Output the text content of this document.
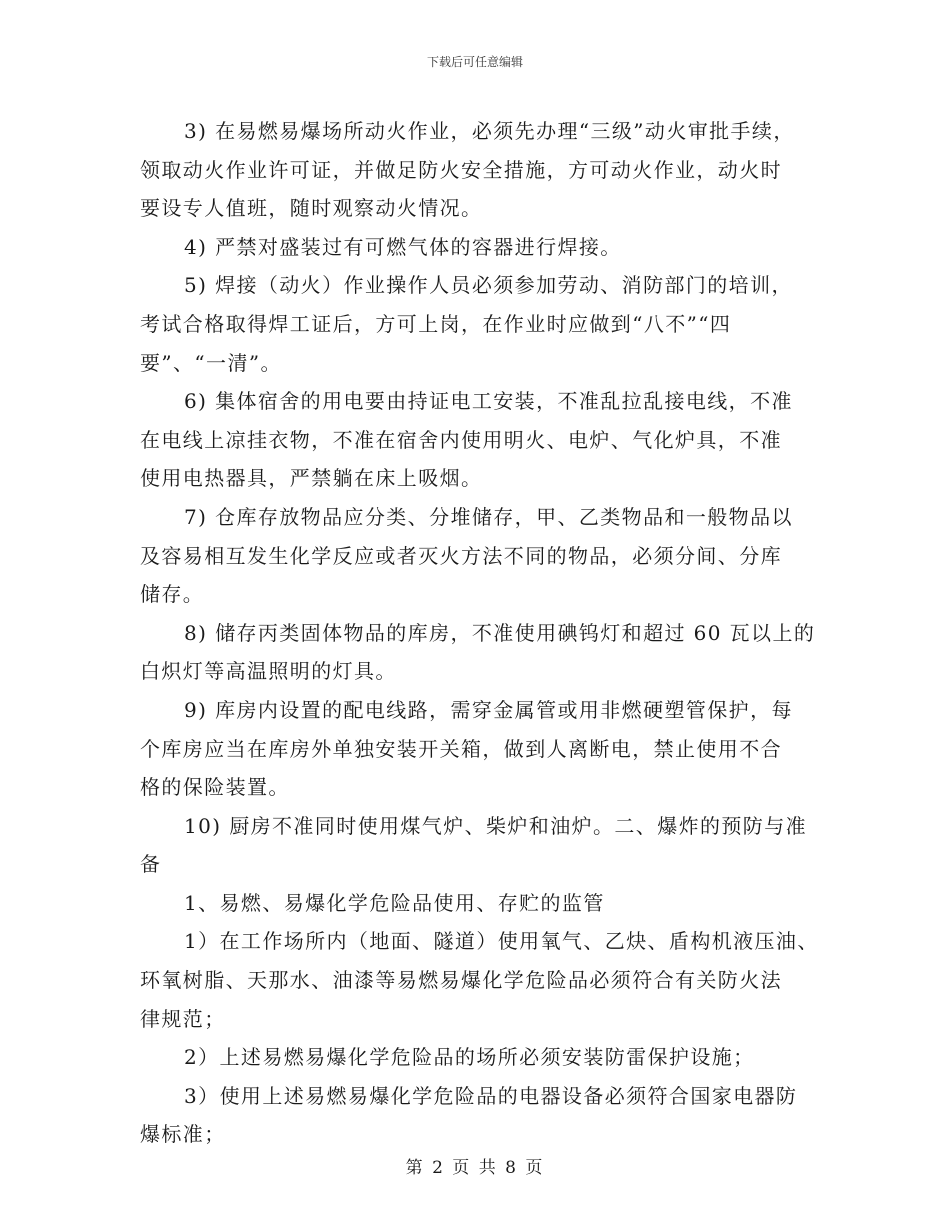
下载后可任意编辑

3) 在易燃易爆场所动火作业，必须先办理“三级”动火审批手续，

领取动火作业许可证，并做足防火安全措施，方可动火作业，动火时

要设专人值班，随时观察动火情况。

4) 严禁对盛装过有可燃气体的容器进行焊接。

5) 焊接（动火）作业操作人员必须参加劳动、消防部门的培训，

考试合格取得焊工证后，方可上岗，在作业时应做到“八不”“四

要”、“一清”。

6) 集体宿舍的用电要由持证电工安装，不准乱拉乱接电线，不准

在电线上凉挂衣物，不准在宿舍内使用明火、电炉、气化炉具，不准

使用电热器具，严禁躺在床上吸烟。

7) 仓库存放物品应分类、分堆储存，甲、乙类物品和一般物品以

及容易相互发生化学反应或者灭火方法不同的物品，必须分间、分库

储存。

8) 储存丙类固体物品的库房，不准使用碘钨灯和超过 60 瓦以上的

白炽灯等高温照明的灯具。

9) 库房内设置的配电线路，需穿金属管或用非燃硬塑管保护，每

个库房应当在库房外单独安装开关箱，做到人离断电，禁止使用不合

格的保险装置。

10) 厨房不准同时使用煤气炉、柴炉和油炉。二、爆炸的预防与准

备

1、易燃、易爆化学危险品使用、存贮的监管

1）在工作场所内（地面、隧道）使用氧气、乙炔、盾构机液压油、

环氧树脂、天那水、油漆等易燃易爆化学危险品必须符合有关防火法

律规范；

2）上述易燃易爆化学危险品的场所必须安装防雷保护设施；

3）使用上述易燃易爆化学危险品的电器设备必须符合国家电器防

爆标准；

第 2 页 共 8 页
